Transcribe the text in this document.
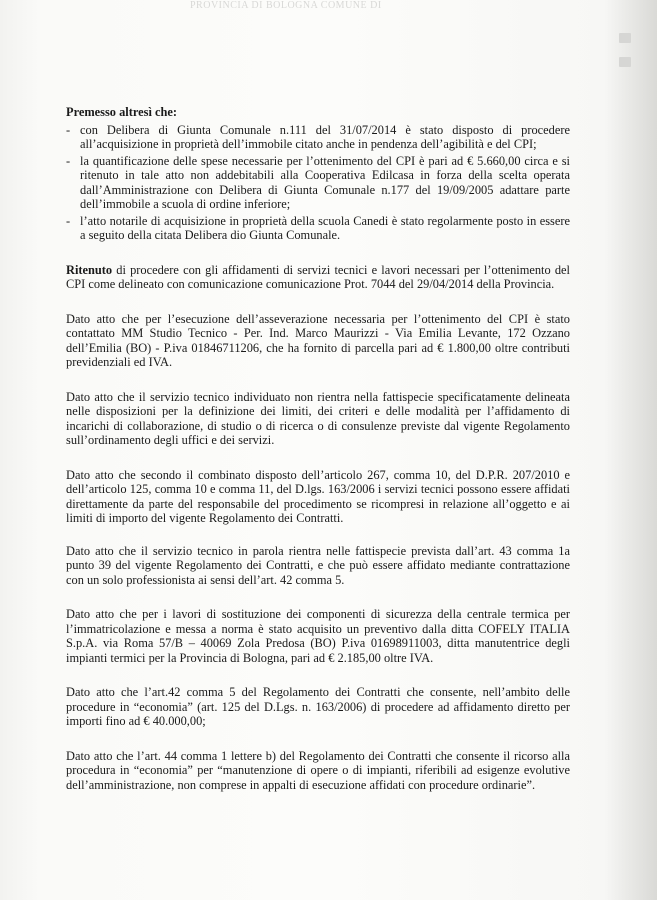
PROVINCIA DI BOLOGNA COMUNE DI

Premesso altresì che:

- con Delibera di Giunta Comunale n.111 del 31/07/2014 è stato disposto di procedere all’acquisizione in proprietà dell’immobile citato anche in pendenza dell’agibilità e del CPI;
- la quantificazione delle spese necessarie per l’ottenimento del CPI è pari ad € 5.660,00 circa e si ritenuto in tale atto non addebitabili alla Cooperativa Edilcasa in forza della scelta operata dall’Amministrazione con Delibera di Giunta Comunale n.177 del 19/09/2005 adattare parte dell’immobile a scuola di ordine inferiore;
- l’atto notarile di acquisizione in proprietà della scuola Canedi è stato regolarmente posto in essere a seguito della citata Delibera dio Giunta Comunale.

Ritenuto di procedere con gli affidamenti di servizi tecnici e lavori necessari per l’ottenimento del CPI come delineato con comunicazione comunicazione Prot. 7044 del 29/04/2014 della Provincia.

Dato atto che per l’esecuzione dell’asseverazione necessaria per l’ottenimento del CPI è stato contattato MM Studio Tecnico - Per. Ind. Marco Maurizzi - Via Emilia Levante, 172 Ozzano dell’Emilia (BO) - P.iva 01846711206, che ha fornito di parcella pari ad € 1.800,00 oltre contributi previdenziali ed IVA.

Dato atto che il servizio tecnico individuato non rientra nella fattispecie specificatamente delineata nelle disposizioni per la definizione dei limiti, dei criteri e delle modalità per l’affidamento di incarichi di collaborazione, di studio o di ricerca o di consulenze previste dal vigente Regolamento sull’ordinamento degli uffici e dei servizi.

Dato atto che secondo il combinato disposto dell’articolo 267, comma 10, del D.P.R. 207/2010 e dell’articolo 125, comma 10 e comma 11, del D.lgs. 163/2006 i servizi tecnici possono essere affidati direttamente da parte del responsabile del procedimento se ricompresi in relazione all’oggetto e ai limiti di importo del vigente Regolamento dei Contratti.

Dato atto che il servizio tecnico in parola rientra nelle fattispecie prevista dall’art. 43 comma 1a punto 39 del vigente Regolamento dei Contratti, e che può essere affidato mediante contrattazione con un solo professionista ai sensi dell’art. 42 comma 5.

Dato atto che per i lavori di sostituzione dei componenti di sicurezza della centrale termica per l’immatricolazione e messa a norma è stato acquisito un preventivo dalla ditta COFELY ITALIA S.p.A. via Roma 57/B – 40069 Zola Predosa (BO) P.iva 01698911003, ditta manutentrice degli impianti termici per la Provincia di Bologna, pari ad € 2.185,00 oltre IVA.

Dato atto che l’art.42 comma 5 del Regolamento dei Contratti che consente, nell’ambito delle procedure in “economia” (art. 125 del D.Lgs. n. 163/2006) di procedere ad affidamento diretto per importi fino ad € 40.000,00;

Dato atto che l’art. 44 comma 1 lettere b) del Regolamento dei Contratti che consente il ricorso alla procedura in “economia” per “manutenzione di opere o di impianti, riferibili ad esigenze evolutive dell’amministrazione, non comprese in appalti di esecuzione affidati con procedure ordinarie”.
